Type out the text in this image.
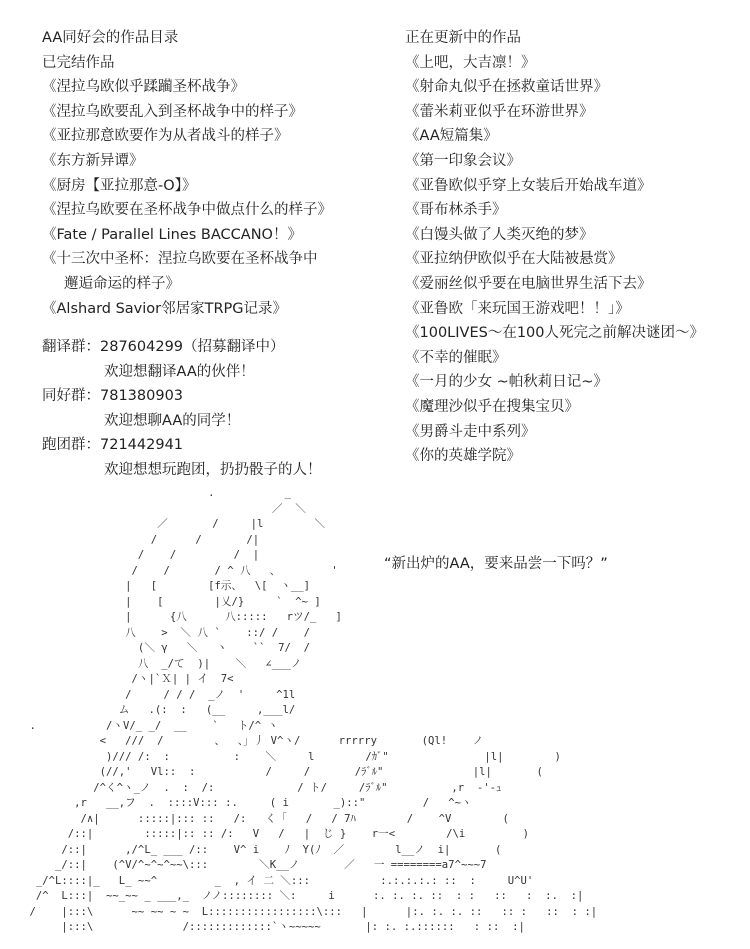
AA同好会的作品目录
已完结作品
《涅拉乌欧似乎蹂躏圣杯战争》
《涅拉乌欧要乱入到圣杯战争中的样子》
《亚拉那意欧要作为从者战斗的样子》
《东方新异谭》
《厨房【亚拉那意-O】》
《涅拉乌欧要在圣杯战争中做点什么的样子》
《Fate / Parallel Lines BACCANO！》
《十三次中圣杯：涅拉乌欧要在圣杯战争中
邂逅命运的样子》
《Alshard Savior邻居家TRPG记录》
翻译群：287604299（招募翻译中）
欢迎想翻译AA的伙伴！
同好群：781380903
欢迎想聊AA的同学！
跑团群：721442941
欢迎想想玩跑团，扔扔骰子的人！
正在更新中的作品
《上吧，大吉凛！》
《射命丸似乎在拯救童话世界》
《蕾米莉亚似乎在环游世界》
《AA短篇集》
《第一印象会议》
《亚鲁欧似乎穿上女装后开始战车道》
《哥布林杀手》
《白馒头做了人类灭绝的梦》
《亚拉纳伊欧似乎在大陆被悬赏》
《爱丽丝似乎要在电脑世界生活下去》
《亚鲁欧「来玩国王游戏吧！！」》
《100LIVES～在100人死完之前解决谜团～》
《不幸的催眠》
《一月的少女 ~帕秋莉日记~》
《魔理沙似乎在搜集宝贝》
《男爵斗走中系列》
《你的英雄学院》
.           _
／  ＼
／       /     |l        ＼
/      /       /|
/    /         /  |
/    /       / ^ 八   、        '
|   [        [f示、  \[  ヽ__]
|    [        |乂/}     `  ^~ ]
|      {八      八:::::   rツ/_   ]
八    >  ＼ 八 `    ::/ /    /
(＼ γ   ＼   ヽ    ``  7/  /
八  _/て  )|    ＼   ∠___ノ
/ヽ|`Ｘ| | イ  7<
/     / / /  _ノ  '     ^1l
ム   .(:  :   (__     ,___l/
.           /ヽV/_ _/  __    `   ト/^ ヽ
<   ///  /        、  、」丿 V^ヽ/      rrrrry       (Ql!    ノ
)/// /:  :          :    ＼     l        /ｶﾞ"               |l|        )
(//,'   Vl::  :           /     /       /ﾗﾞﾙ"              |l|       (
/^く^ヽ_ノ  .  :  /:             / ト/     /ﾗﾞﾙ"          ,r  -'-ｭ
,r   __,フ  .  ::::V::: :.     ( i       _)::"         /   ^~ヽ
/∧|      :::::|::: ::   /:   く「   /   / 7ﾊ        /    ^V        (
/::|        :::::|:: :: /:   V   /   |  じ }    r一<        /\i         )
/::|      ,/^L_ ___ /::    V^ i    ﾉ  Y(ﾉ  ／        l__ノ  i|       (
_/::|    (^V/^~^~^~~\:::        ＼K__ノ       ／   一 ========a7^~~~7
_/^L::::|_   L_ ~~^         _  , イ 二 ＼:::           :.:.:.:.: ::  :     U^U'
/^  L:::|  ~~_~~ _ ___,_  ノノ:::::::: ＼:     i      :. :. :. ::  : :   ::   :  :.  :|
/    |:::\      ~~ ~~ ~ ~  L:::::::::::::::::\:::   |      |:. :. :. ::   :: :   ::  : :|
|:::\              /:::::::::::::`ヽ~~~~~       |: :. :.::::::   : ::  :|
“新出炉的AA，要来品尝一下吗？”
